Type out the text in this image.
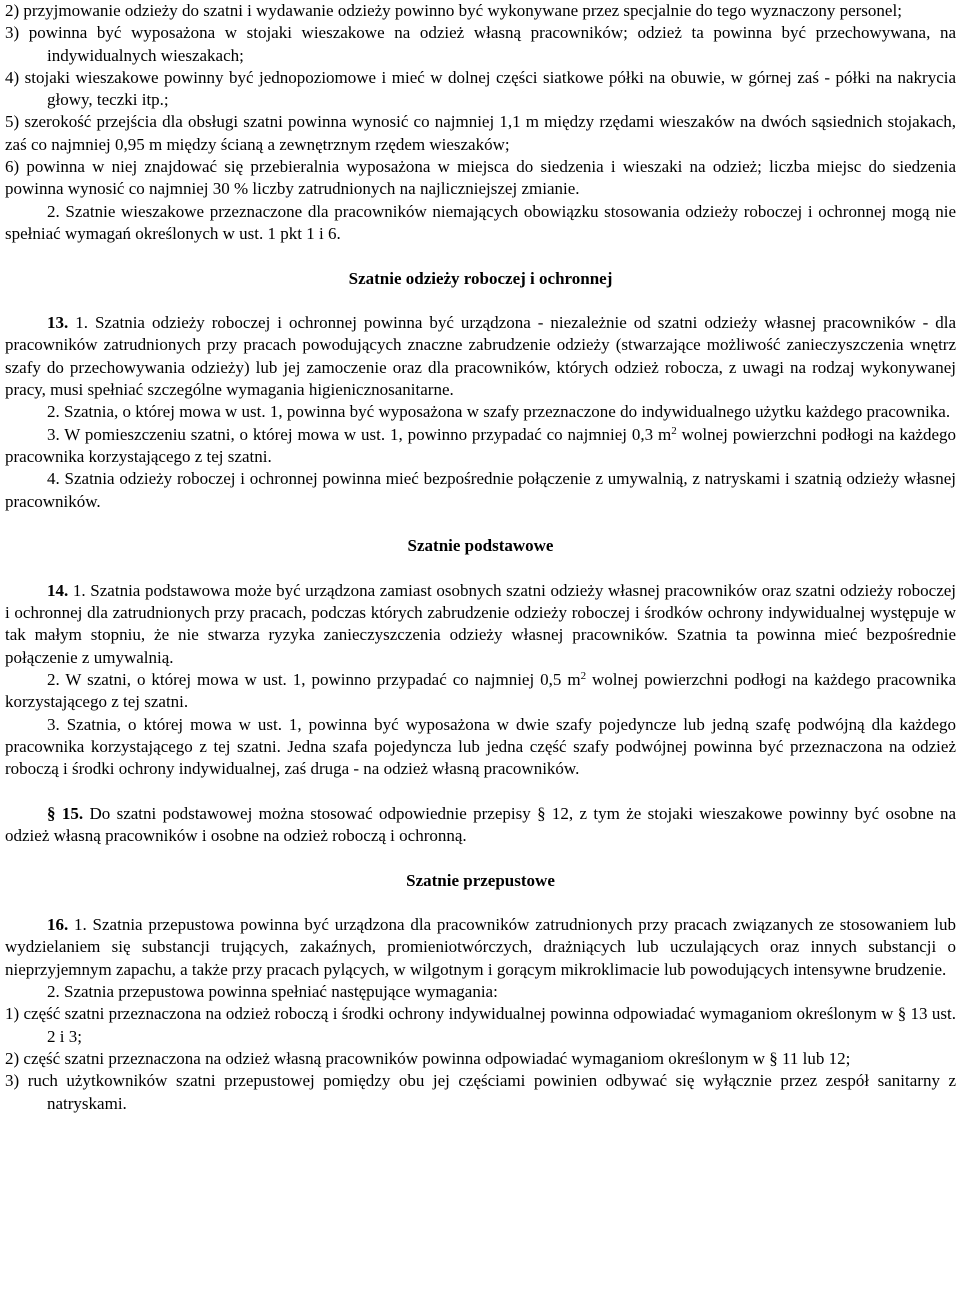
2) przyjmowanie odzieży do szatni i wydawanie odzieży powinno być wykonywane przez specjalnie do tego wyznaczony personel;

3) powinna być wyposażona w stojaki wieszakowe na odzież własną pracowników; odzież ta powinna być przechowywana, na indywidualnych wieszakach;

4) stojaki wieszakowe powinny być jednopoziomowe i mieć w dolnej części siatkowe półki na obuwie, w górnej zaś - półki na nakrycia głowy, teczki itp.;

5) szerokość przejścia dla obsługi szatni powinna wynosić co najmniej 1,1 m między rzędami wieszaków na dwóch sąsiednich stojakach, zaś co najmniej 0,95 m między ścianą a zewnętrznym rzędem wieszaków;

6) powinna w niej znajdować się przebieralnia wyposażona w miejsca do siedzenia i wieszaki na odzież; liczba miejsc do siedzenia powinna wynosić co najmniej 30 % liczby zatrudnionych na najliczniejszej zmianie.

2. Szatnie wieszakowe przeznaczone dla pracowników niemających obowiązku stosowania odzieży roboczej i ochronnej mogą nie spełniać wymagań określonych w ust. 1 pkt 1 i 6.

Szatnie odzieży roboczej i ochronnej

13. 1. Szatnia odzieży roboczej i ochronnej powinna być urządzona - niezależnie od szatni odzieży własnej pracowników - dla pracowników zatrudnionych przy pracach powodujących znaczne zabrudzenie odzieży (stwarzające możliwość zanieczyszczenia wnętrz szafy do przechowywania odzieży) lub jej zamoczenie oraz dla pracowników, których odzież robocza, z uwagi na rodzaj wykonywanej pracy, musi spełniać szczególne wymagania higienicznosanitarne.

2. Szatnia, o której mowa w ust. 1, powinna być wyposażona w szafy przeznaczone do indywidualnego użytku każdego pracownika.

3. W pomieszczeniu szatni, o której mowa w ust. 1, powinno przypadać co najmniej 0,3 $m^2$ wolnej powierzchni podłogi na każdego pracownika korzystającego z tej szatni.

4. Szatnia odzieży roboczej i ochronnej powinna mieć bezpośrednie połączenie z umywalnią, z natryskami i szatnią odzieży własnej pracowników.

Szatnie podstawowe

14. 1. Szatnia podstawowa może być urządzona zamiast osobnych szatni odzieży własnej pracowników oraz szatni odzieży roboczej i ochronnej dla zatrudnionych przy pracach, podczas których zabrudzenie odzieży roboczej i środków ochrony indywidualnej występuje w tak małym stopniu, że nie stwarza ryzyka zanieczyszczenia odzieży własnej pracowników. Szatnia ta powinna mieć bezpośrednie połączenie z umywalnią.

2. W szatni, o której mowa w ust. 1, powinno przypadać co najmniej 0,5 $m^2$ wolnej powierzchni podłogi na każdego pracownika korzystającego z tej szatni.

3. Szatnia, o której mowa w ust. 1, powinna być wyposażona w dwie szafy pojedyncze lub jedną szafę podwójną dla każdego pracownika korzystającego z tej szatni. Jedna szafa pojedyncza lub jedna część szafy podwójnej powinna być przeznaczona na odzież roboczą i środki ochrony indywidualnej, zaś druga - na odzież własną pracowników.

§ 15. Do szatni podstawowej można stosować odpowiednie przepisy § 12, z tym że stojaki wieszakowe powinny być osobne na odzież własną pracowników i osobne na odzież roboczą i ochronną.

Szatnie przepustowe

16. 1. Szatnia przepustowa powinna być urządzona dla pracowników zatrudnionych przy pracach związanych ze stosowaniem lub wydzielaniem się substancji trujących, zakaźnych, promieniotwórczych, drażniących lub uczulających oraz innych substancji o nieprzyjemnym zapachu, a także przy pracach pylących, w wilgotnym i gorącym mikroklimacie lub powodujących intensywne brudzenie.

2. Szatnia przepustowa powinna spełniać następujące wymagania:

1) część szatni przeznaczona na odzież roboczą i środki ochrony indywidualnej powinna odpowiadać wymaganiom określonym w § 13 ust. 2 i 3;

2) część szatni przeznaczona na odzież własną pracowników powinna odpowiadać wymaganiom określonym w § 11 lub 12;

3) ruch użytkowników szatni przepustowej pomiędzy obu jej częściami powinien odbywać się wyłącznie przez zespół sanitarny z natryskami.
